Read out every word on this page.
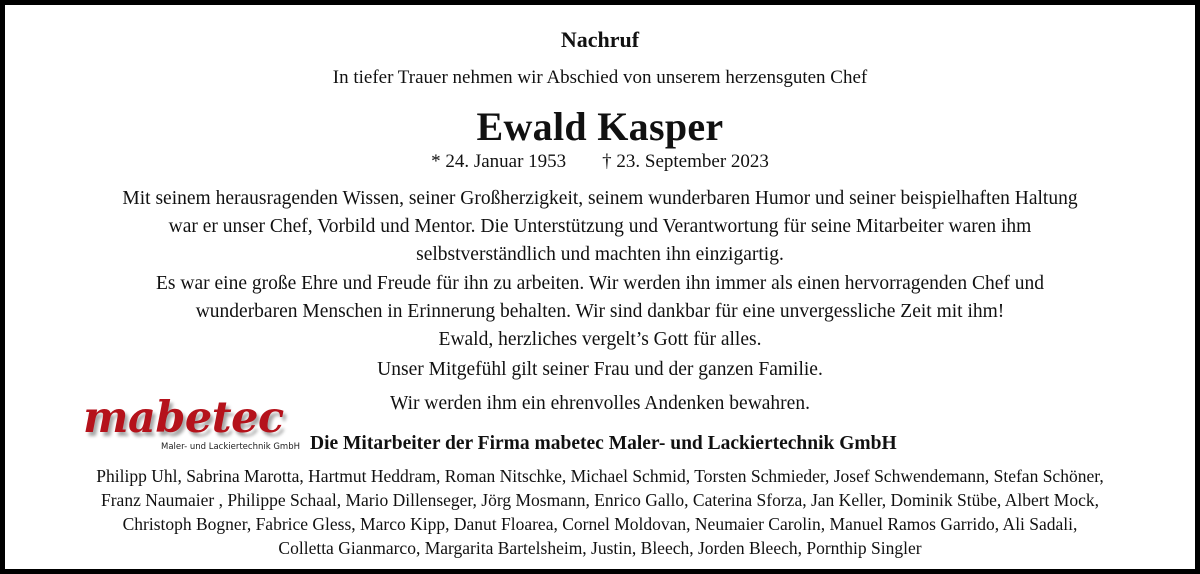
Nachruf
In tiefer Trauer nehmen wir Abschied von unserem herzensguten Chef
Ewald Kasper
* 24. Januar 1953 † 23. September 2023
Mit seinem herausragenden Wissen, seiner Großherzigkeit, seinem wunderbaren Humor und seiner beispielhaften Haltung
war er unser Chef, Vorbild und Mentor. Die Unterstützung und Verantwortung für seine Mitarbeiter waren ihm
selbstverständlich und machten ihn einzigartig.
Es war eine große Ehre und Freude für ihn zu arbeiten. Wir werden ihn immer als einen hervorragenden Chef und
wunderbaren Menschen in Erinnerung behalten. Wir sind dankbar für eine unvergessliche Zeit mit ihm!
Ewald, herzliches vergelt’s Gott für alles.
Unser Mitgefühl gilt seiner Frau und der ganzen Familie.
Wir werden ihm ein ehrenvolles Andenken bewahren.
mabetec
Maler- und Lackiertechnik GmbH Die Mitarbeiter der Firma mabetec Maler- und Lackiertechnik GmbH
Philipp Uhl, Sabrina Marotta, Hartmut Heddram, Roman Nitschke, Michael Schmid, Torsten Schmieder, Josef Schwendemann, Stefan Schöner,
Franz Naumaier , Philippe Schaal, Mario Dillenseger, Jörg Mosmann, Enrico Gallo, Caterina Sforza, Jan Keller, Dominik Stübe, Albert Mock,
Christoph Bogner, Fabrice Gless, Marco Kipp, Danut Floarea, Cornel Moldovan, Neumaier Carolin, Manuel Ramos Garrido, Ali Sadali,
Colletta Gianmarco, Margarita Bartelsheim, Justin, Bleech, Jorden Bleech, Pornthip Singler
